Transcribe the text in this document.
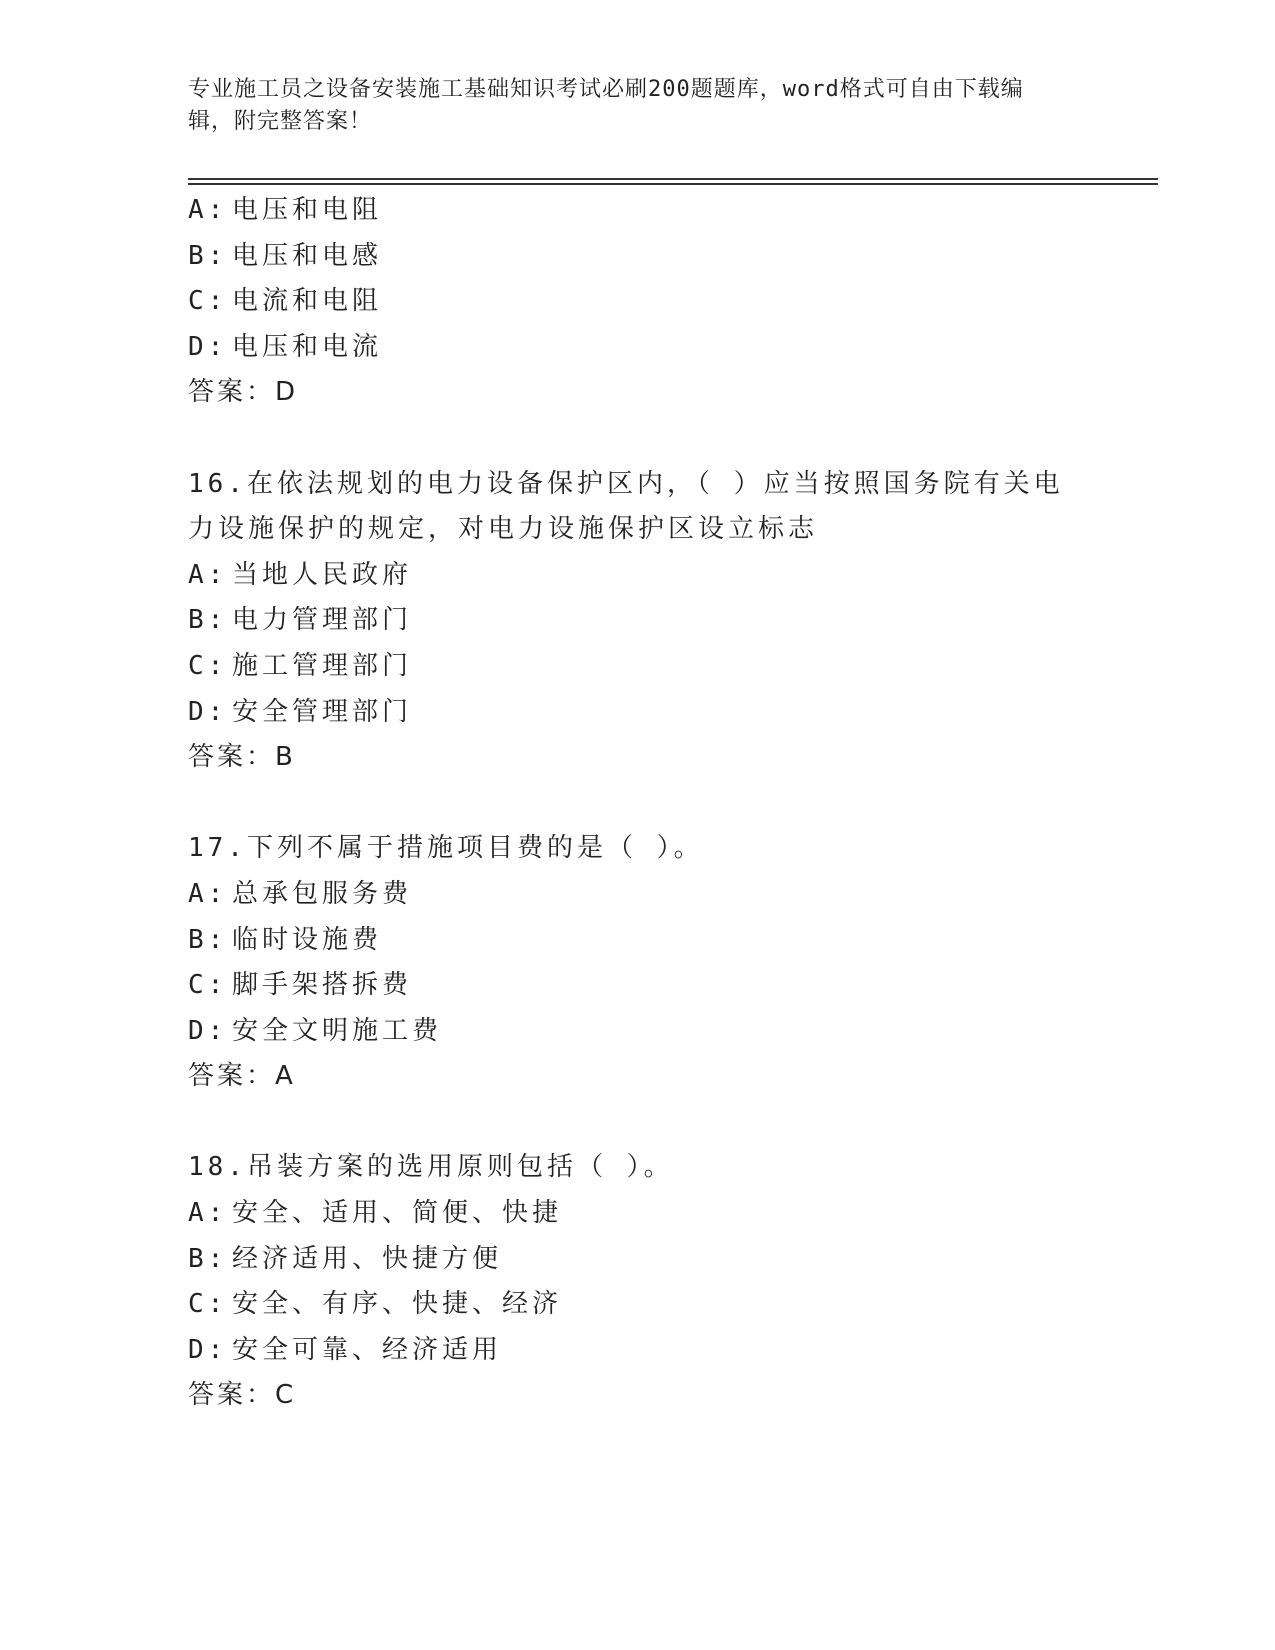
专业施工员之设备安装施工基础知识考试必刷200题题库，word格式可自由下载编辑，附完整答案！
A: 电压和电阻
B: 电压和电感
C: 电流和电阻
D: 电压和电流
答案：D
16.在依法规划的电力设备保护区内，（ ）应当按照国务院有关电力设施保护的规定，对电力设施保护区设立标志
A: 当地人民政府
B: 电力管理部门
C: 施工管理部门
D: 安全管理部门
答案：B
17.下列不属于措施项目费的是（ ）。
A: 总承包服务费
B: 临时设施费
C: 脚手架搭拆费
D: 安全文明施工费
答案：A
18.吊装方案的选用原则包括（ ）。
A: 安全、适用、简便、快捷
B: 经济适用、快捷方便
C: 安全、有序、快捷、经济
D: 安全可靠、经济适用
答案：C
